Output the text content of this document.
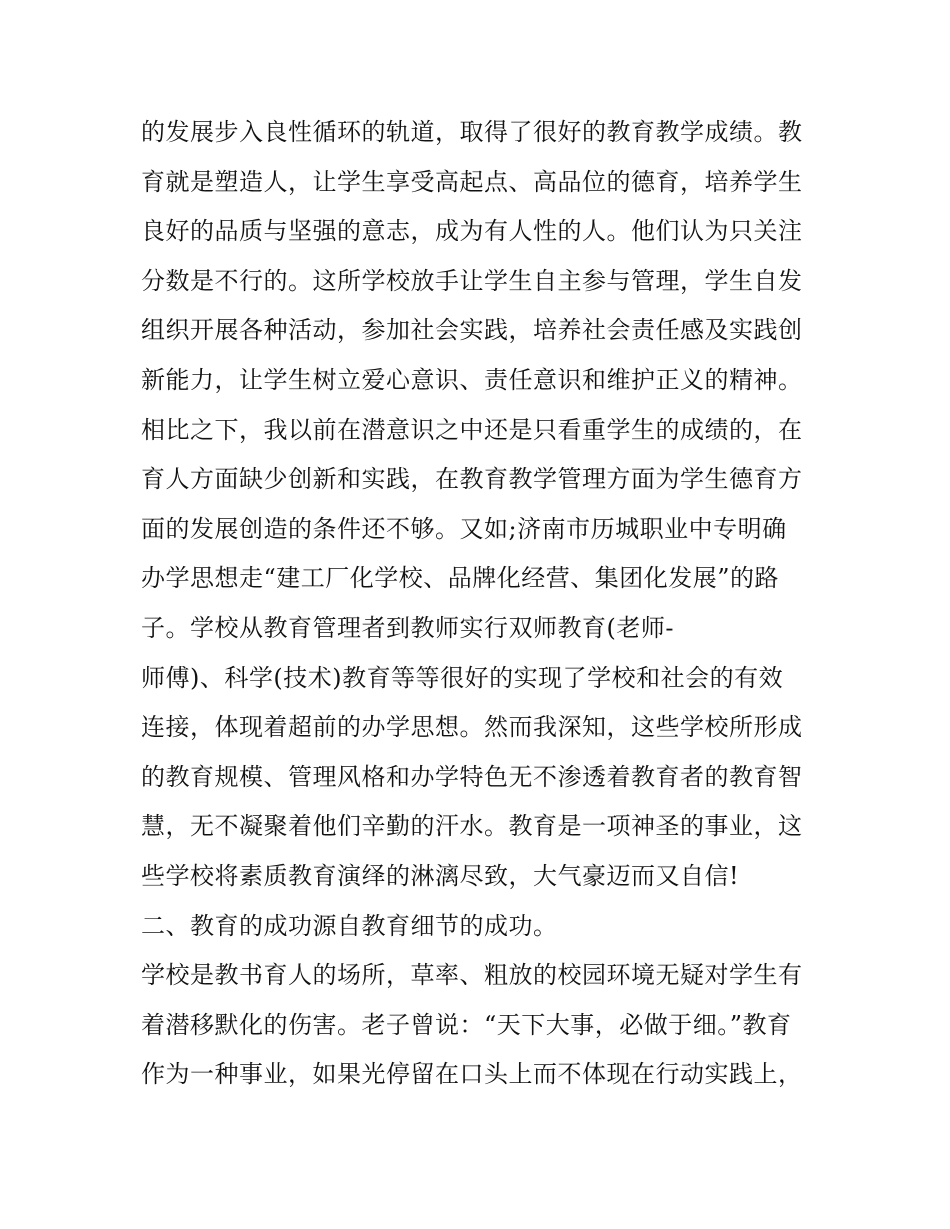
的发展步入良性循环的轨道，取得了很好的教育教学成绩。教
育就是塑造人，让学生享受高起点、高品位的德育，培养学生
良好的品质与坚强的意志，成为有人性的人。他们认为只关注
分数是不行的。这所学校放手让学生自主参与管理，学生自发
组织开展各种活动，参加社会实践，培养社会责任感及实践创
新能力，让学生树立爱心意识、责任意识和维护正义的精神。
相比之下，我以前在潜意识之中还是只看重学生的成绩的，在
育人方面缺少创新和实践，在教育教学管理方面为学生德育方
面的发展创造的条件还不够。又如;济南市历城职业中专明确
办学思想走“建工厂化学校、品牌化经营、集团化发展”的路
子。学校从教育管理者到教师实行双师教育(老师-
师傅)、科学(技术)教育等等很好的实现了学校和社会的有效
连接，体现着超前的办学思想。然而我深知，这些学校所形成
的教育规模、管理风格和办学特色无不渗透着教育者的教育智
慧，无不凝聚着他们辛勤的汗水。教育是一项神圣的事业，这
些学校将素质教育演绎的淋漓尽致，大气豪迈而又自信!
二、教育的成功源自教育细节的成功。
学校是教书育人的场所，草率、粗放的校园环境无疑对学生有
着潜移默化的伤害。老子曾说：“天下大事，必做于细。”教育
作为一种事业，如果光停留在口头上而不体现在行动实践上，
